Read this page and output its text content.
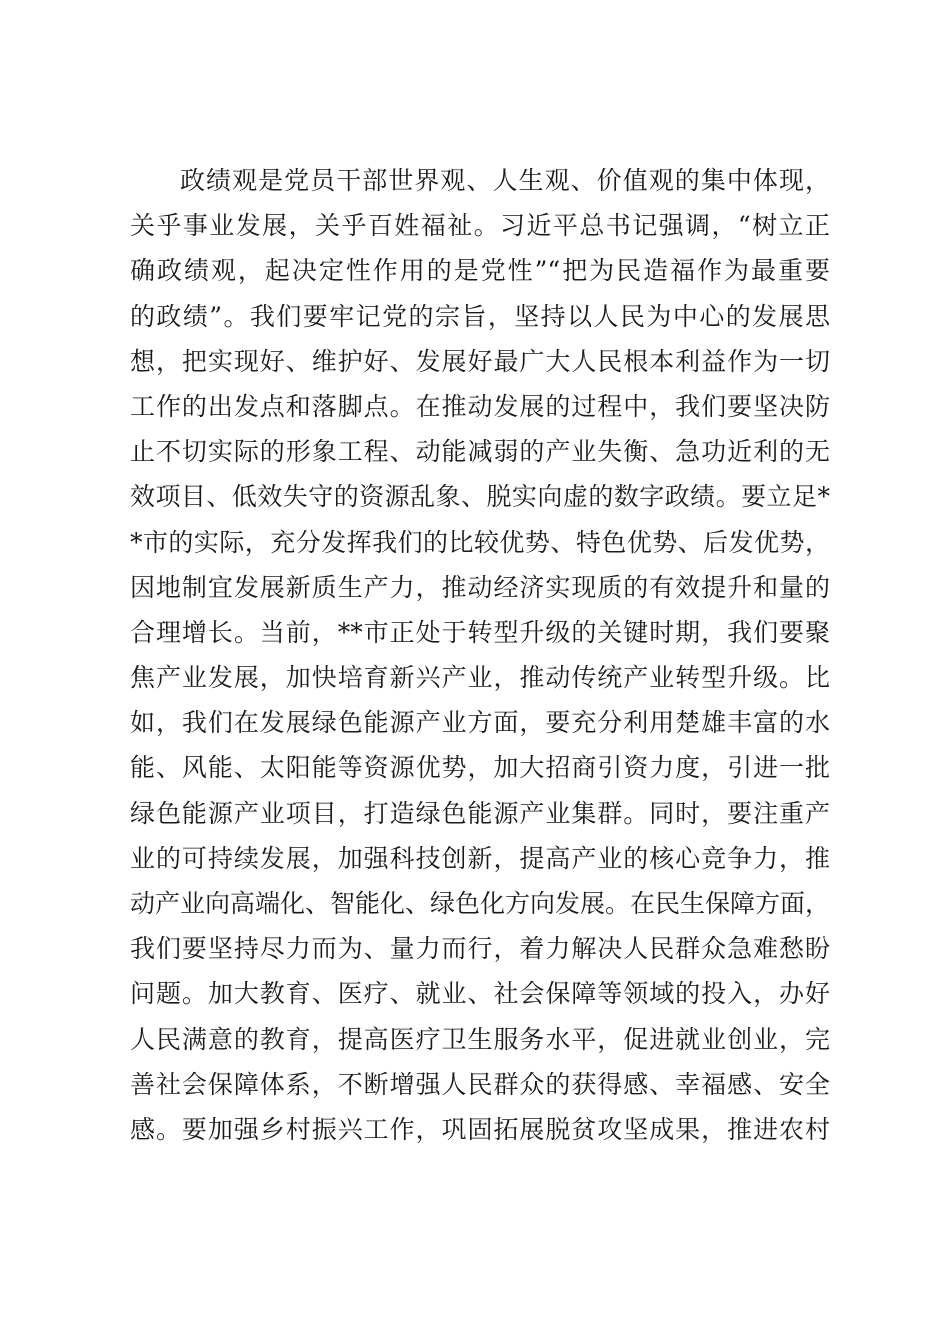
政绩观是党员干部世界观、人生观、价值观的集中体现，
关乎事业发展，关乎百姓福祉。习近平总书记强调，“树立正
确政绩观，起决定性作用的是党性”“把为民造福作为最重要
的政绩”。我们要牢记党的宗旨，坚持以人民为中心的发展思
想，把实现好、维护好、发展好最广大人民根本利益作为一切
工作的出发点和落脚点。在推动发展的过程中，我们要坚决防
止不切实际的形象工程、动能减弱的产业失衡、急功近利的无
效项目、低效失守的资源乱象、脱实向虚的数字政绩。要立足*
*市的实际，充分发挥我们的比较优势、特色优势、后发优势，
因地制宜发展新质生产力，推动经济实现质的有效提升和量的
合理增长。当前，**市正处于转型升级的关键时期，我们要聚
焦产业发展，加快培育新兴产业，推动传统产业转型升级。比
如，我们在发展绿色能源产业方面，要充分利用楚雄丰富的水
能、风能、太阳能等资源优势，加大招商引资力度，引进一批
绿色能源产业项目，打造绿色能源产业集群。同时，要注重产
业的可持续发展，加强科技创新，提高产业的核心竞争力，推
动产业向高端化、智能化、绿色化方向发展。在民生保障方面，
我们要坚持尽力而为、量力而行，着力解决人民群众急难愁盼
问题。加大教育、医疗、就业、社会保障等领域的投入，办好
人民满意的教育，提高医疗卫生服务水平，促进就业创业，完
善社会保障体系，不断增强人民群众的获得感、幸福感、安全
感。要加强乡村振兴工作，巩固拓展脱贫攻坚成果，推进农村
